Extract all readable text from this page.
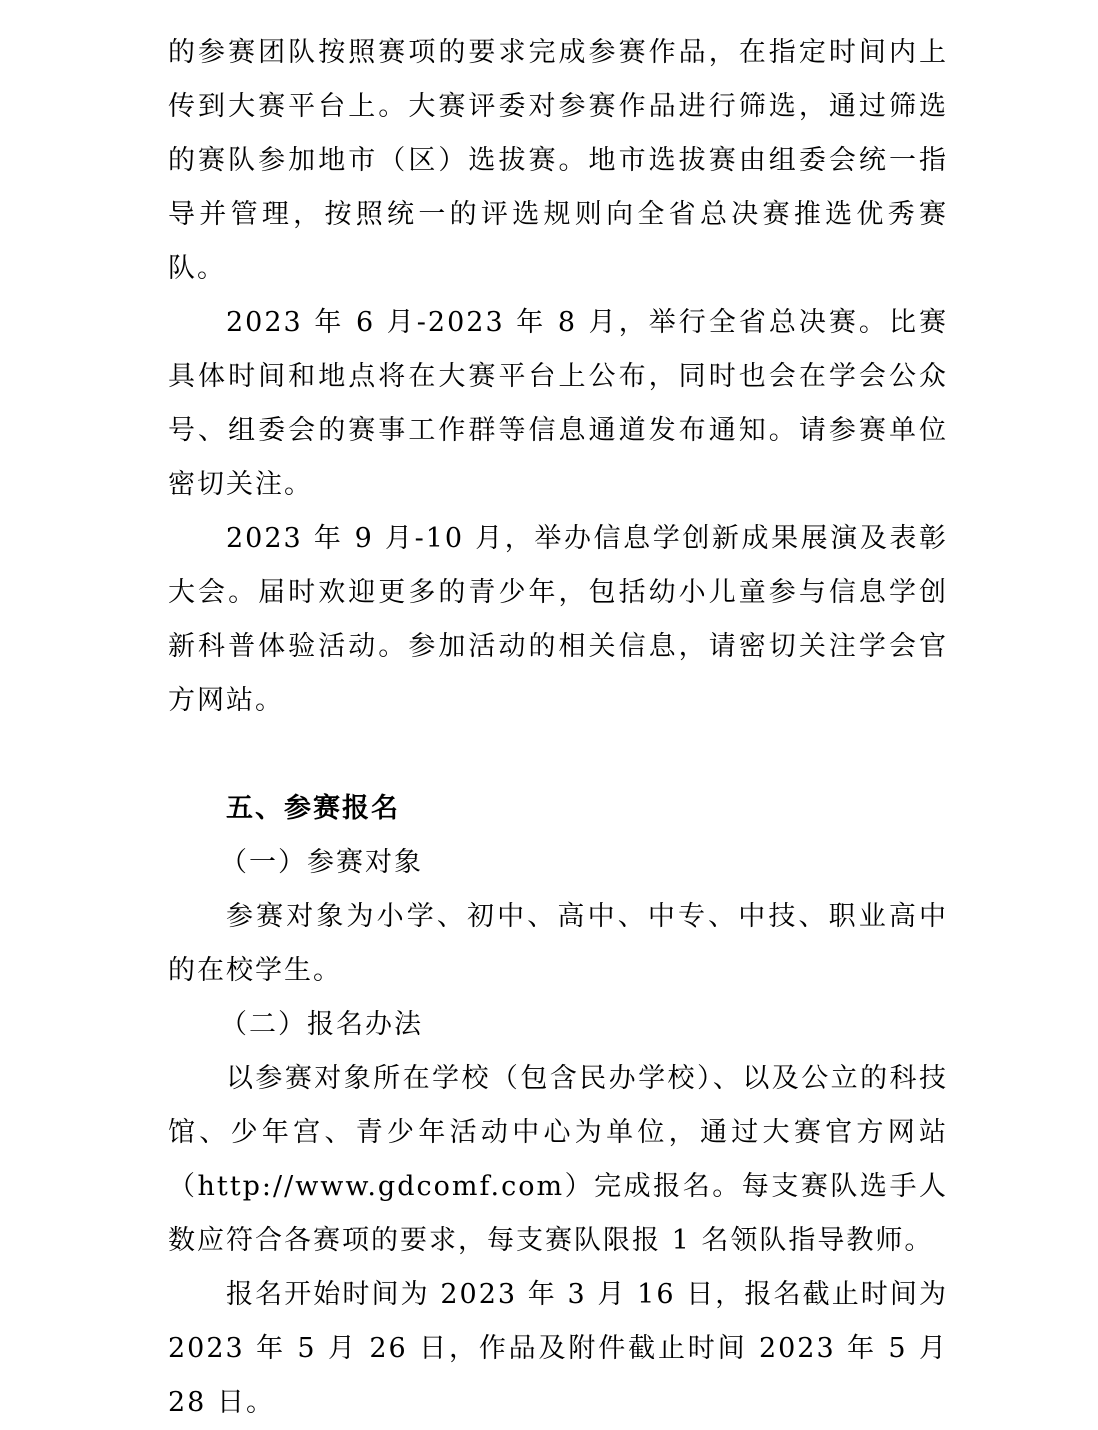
的参赛团队按照赛项的要求完成参赛作品，在指定时间内上传到大赛平台上。大赛评委对参赛作品进行筛选，通过筛选的赛队参加地市（区）选拔赛。地市选拔赛由组委会统一指导并管理，按照统一的评选规则向全省总决赛推选优秀赛队。

2023 年 6 月-2023 年 8 月，举行全省总决赛。比赛具体时间和地点将在大赛平台上公布，同时也会在学会公众号、组委会的赛事工作群等信息通道发布通知。请参赛单位密切关注。

2023 年 9 月-10 月，举办信息学创新成果展演及表彰大会。届时欢迎更多的青少年，包括幼小儿童参与信息学创新科普体验活动。参加活动的相关信息，请密切关注学会官方网站。

五、参赛报名

（一）参赛对象

参赛对象为小学、初中、高中、中专、中技、职业高中的在校学生。

（二）报名办法

以参赛对象所在学校（包含民办学校）、以及公立的科技馆、少年宫、青少年活动中心为单位，通过大赛官方网站（http://www.gdcomf.com）完成报名。每支赛队选手人数应符合各赛项的要求，每支赛队限报 1 名领队指导教师。

报名开始时间为 2023 年 3 月 16 日，报名截止时间为 2023 年 5 月 26 日，作品及附件截止时间 2023 年 5 月 28 日。
